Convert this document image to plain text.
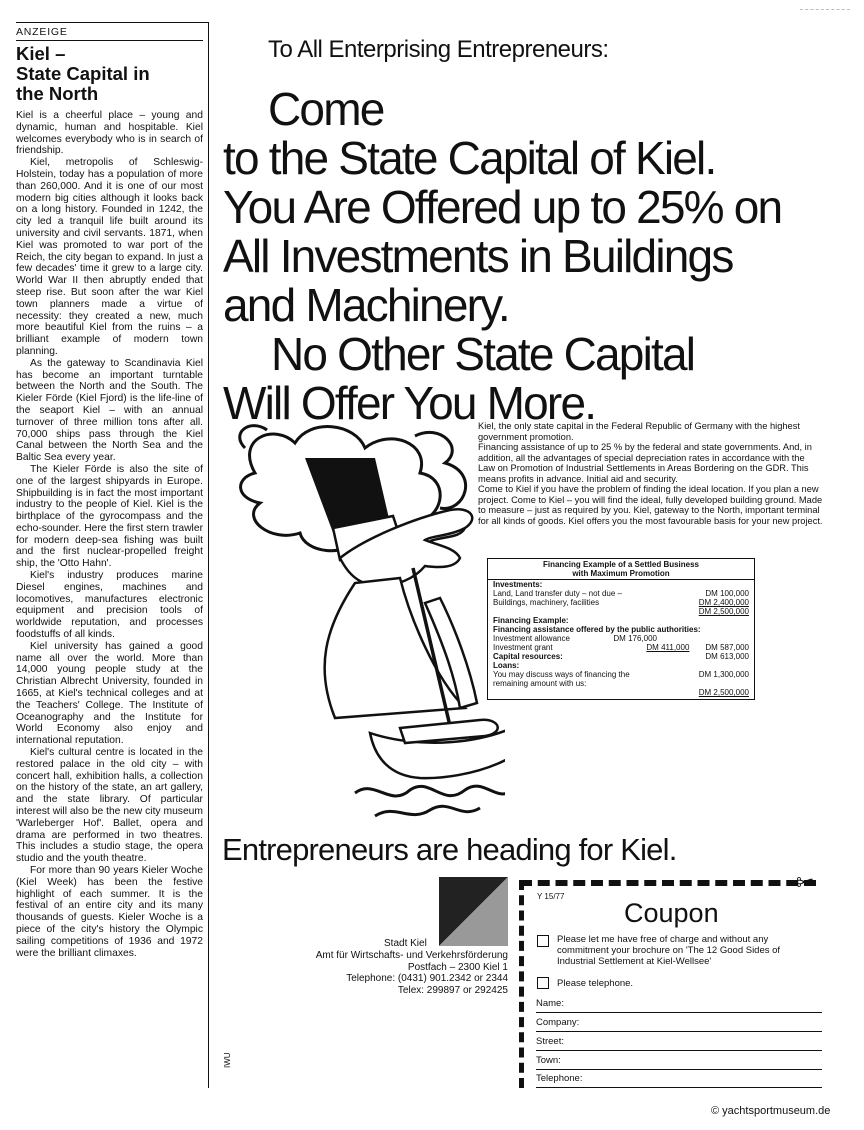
ANZEIGE
Kiel –
State Capital in
the North

Kiel is a cheerful place – young and dynamic, human and hospitable. Kiel welcomes everybody who is in search of friendship.

Kiel, metropolis of Schleswig-Holstein, today has a population of more than 260,000. And it is one of our most modern big cities although it looks back on a long history. Founded in 1242, the city led a tranquil life built around its university and civil servants. 1871, when Kiel was promoted to war port of the Reich, the city began to expand. In just a few decades' time it grew to a large city. World War II then abruptly ended that steep rise. But soon after the war Kiel town planners made a virtue of necessity: they created a new, much more beautiful Kiel from the ruins – a brilliant example of modern town planning.

As the gateway to Scandinavia Kiel has become an important turntable between the North and the South. The Kieler Förde (Kiel Fjord) is the life-line of the seaport Kiel – with an annual turnover of three million tons after all. 70,000 ships pass through the Kiel Canal between the North Sea and the Baltic Sea every year.

The Kieler Förde is also the site of one of the largest shipyards in Europe. Shipbuilding is in fact the most important industry to the people of Kiel. Kiel is the birthplace of the gyrocompass and the echo-sounder. Here the first stern trawler for modern deep-sea fishing was built and the first nuclear-propelled freight ship, the 'Otto Hahn'.

Kiel's industry produces marine Diesel engines, machines and locomotives, manufactures electronic equipment and precision tools of worldwide reputation, and processes foodstuffs of all kinds.

Kiel university has gained a good name all over the world. More than 14,000 young people study at the Christian Albrecht University, founded in 1665, at Kiel's technical colleges and at the Teachers' College. The Institute of Oceanography and the Institute for World Economy also enjoy and international reputation.

Kiel's cultural centre is located in the restored palace in the old city – with concert hall, exhibition halls, a collection on the history of the state, an art gallery, and the state library. Of particular interest will also be the new city museum 'Warleberger Hof'. Ballet, opera and drama are performed in two theatres. This includes a studio stage, the opera studio and the youth theatre.

For more than 90 years Kieler Woche (Kiel Week) has been the festive highlight of each summer. It is the festival of an entire city and its many thousands of guests. Kieler Woche is a piece of the city's history the Olympic sailing competitions of 1936 and 1972 were the brilliant climaxes.

To All Enterprising Entrepreneurs:
Come
to the State Capital of Kiel.
You Are Offered up to 25% on
All Investments in Buildings
and Machinery.
No Other State Capital
Will Offer You More.

Kiel, the only state capital in the Federal Republic of Germany with the highest government promotion.

Financing assistance of up to 25 % by the federal and state governments. And, in addition, all the advantages of special depreciation rates in accordance with the Law on Promotion of Industrial Settlements in Areas Bordering on the GDR. This means profits in advance. Initial aid and security.

Come to Kiel if you have the problem of finding the ideal location. If you plan a new project. Come to Kiel – you will find the ideal, fully developed building ground. Made to measure – just as required by you. Kiel, gateway to the North, important terminal for all kinds of goods. Kiel offers you the most favourable basis for your new project.

Financing Example of a Settled Business
with Maximum Promotion
Investments:
Land, Land transfer duty – not due –	DM 100,000
Buildings, machinery, facilities	DM 2,400,000
DM 2,500,000
Financing Example:
Financing assistance offered by the public authorities:
Investment allowance	DM 176,000
Investment grant	DM 411,000 DM 587,000
Capital resources:	DM 613,000
Loans:
You may discuss ways of financing the remaining amount with us:
DM 1,300,000
DM 2,500,000
Entrepreneurs are heading for Kiel.
Stadt Kiel
Amt für Wirtschafts- und Verkehrsförderung
Postfach – 2300 Kiel 1
Telephone: (0431) 901.2342 or 2344
Telex: 299897 or 292425
✂
Y 15/77
Coupon
Please let me have free of charge and without any commitment your brochure on 'The 12 Good Sides of Industrial Settlement at Kiel-Wellsee'
Please telephone.
Name:
Company:
Street:
Town:
Telephone:
IWU
© yachtsportmuseum.de
